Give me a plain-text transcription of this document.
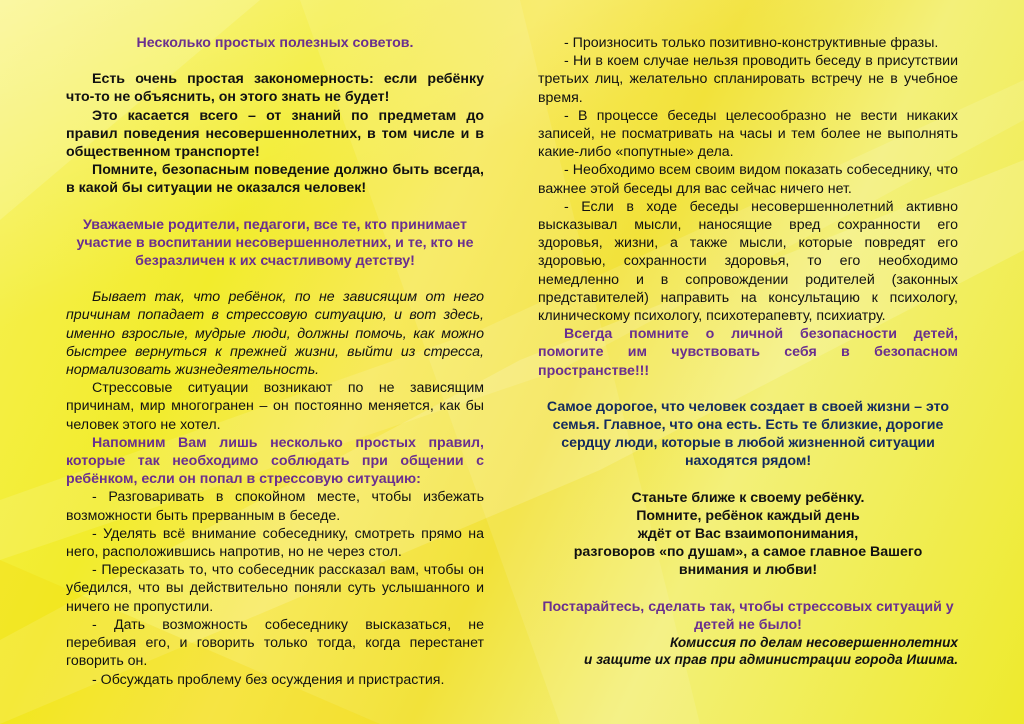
Несколько простых полезных советов.

Есть очень простая закономерность: если ребёнку что-то не объяснить, он этого знать не будет!

Это касается всего – от знаний по предметам до правил поведения несовершеннолетних, в том числе и в общественном транспорте!

Помните, безопасным поведение должно быть всегда, в какой бы ситуации не оказался человек!

Уважаемые родители, педагоги, все те, кто принимает участие в воспитании несовершеннолетних, и те, кто не безразличен к их счастливому детству!

Бывает так, что ребёнок, по не зависящим от него причинам попадает в стрессовую ситуацию, и вот здесь, именно взрослые, мудрые люди, должны помочь, как можно быстрее вернуться к прежней жизни, выйти из стресса, нормализовать жизнедеятельность.

Стрессовые ситуации возникают по не зависящим причинам, мир многогранен – он постоянно меняется, как бы человек этого не хотел.

Напомним Вам лишь несколько простых правил, которые так необходимо соблюдать при общении с ребёнком, если он попал в стрессовую ситуацию:

- Разговаривать в спокойном месте, чтобы избежать возможности быть прерванным в беседе.

- Уделять всё внимание собеседнику, смотреть прямо на него, расположившись напротив, но не через стол.

- Пересказать то, что собеседник рассказал вам, чтобы он убедился, что вы действительно поняли суть услышанного и ничего не пропустили.

- Дать возможность собеседнику высказаться, не перебивая его, и говорить только тогда, когда перестанет говорить он.

- Обсуждать проблему без осуждения и пристрастия.

- Произносить только позитивно-конструктивные фразы.

- Ни в коем случае нельзя проводить беседу в присутствии третьих лиц, желательно спланировать встречу не в учебное время.

- В процессе беседы целесообразно не вести никаких записей, не посматривать на часы и тем более не выполнять какие-либо «попутные» дела.

- Необходимо всем своим видом показать собеседнику, что важнее этой беседы для вас сейчас ничего нет.

- Если в ходе беседы несовершеннолетний активно высказывал мысли, наносящие вред сохранности его здоровья, жизни, а также мысли, которые повредят его здоровью, сохранности здоровья, то его необходимо немедленно и в сопровождении родителей (законных представителей) направить на консультацию к психологу, клиническому психологу, психотерапевту, психиатру.

Всегда помните о личной безопасности детей, помогите им чувствовать себя в безопасном пространстве!!!

Самое дорогое, что человек создает в своей жизни – это семья. Главное, что она есть. Есть те близкие, дорогие сердцу люди, которые в любой жизненной ситуации находятся рядом!

Станьте ближе к своему ребёнку.

Помните, ребёнок каждый день

ждёт от Вас взаимопонимания,

разговоров «по душам», а самое главное Вашего

внимания и любви!

Постарайтесь, сделать так, чтобы стрессовых ситуаций у детей не было!

Комиссия по делам несовершеннолетних

и защите их прав при администрации города Ишима.
